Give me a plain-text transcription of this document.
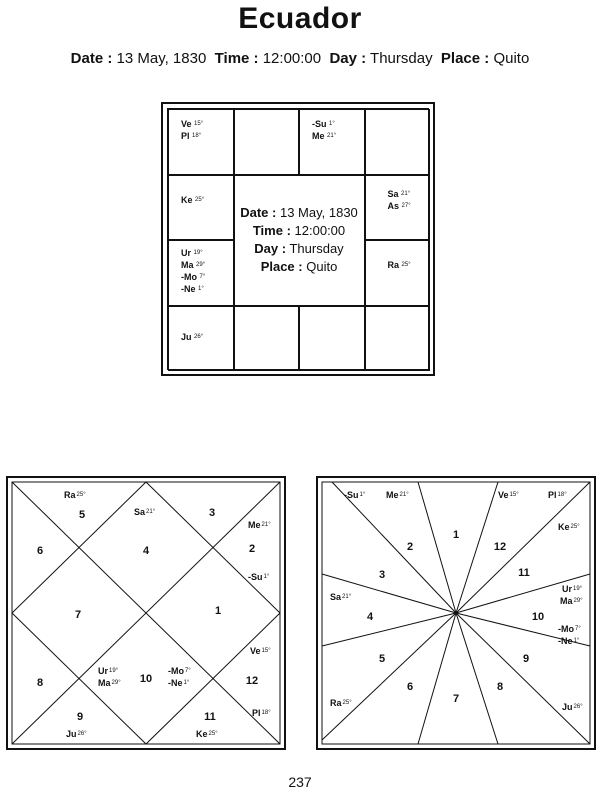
Ecuador
Date : 13 May, 1830 Time : 12:00:00 Day : Thursday Place : Quito
Ve $^{15^\circ}$
Pl $^{18^\circ}$
-Su $^{1^\circ}$
Me $^{21^\circ}$
Ke $^{25^\circ}$
Sa $^{21^\circ}$
As $^{27^\circ}$
Ur $^{19^\circ}$
Ma $^{29^\circ}$
-Mo $^{7^\circ}$
-Ne $^{1^\circ}$
Ra $^{25^\circ}$
Ju $^{26^\circ}$
Date : 13 May, 1830
Time : 12:00:00
Day : Thursday
Place : Quito
4
5
6
7
8
9
10
11
12
1
2
3
$Ra^{25^\circ}$
$Sa^{21^\circ}$
$Me^{21^\circ}$
$-Su^{1^\circ}$
$Ve^{15^\circ}$
$Pl^{18^\circ}$
$Ur^{19^\circ}$
$Ma^{29^\circ}$
$-Mo^{7^\circ}$
$-Ne^{1^\circ}$
$Ju^{26^\circ}$	$Ke^{25^\circ}$
1
2
3
4
5
6
7
8
9
10
11
12
$-Su^{1^\circ}$ $Me^{21^\circ}$	$Ve^{15^\circ}$	$Pl^{18^\circ}$
$Ke^{25^\circ}$
$Sa^{21^\circ}$
$Ur^{19^\circ}$
$Ma^{29^\circ}$
$-Mo^{7^\circ}$
$-Ne^{1^\circ}$
$Ra^{25^\circ}$	$Ju^{26^\circ}$
237
